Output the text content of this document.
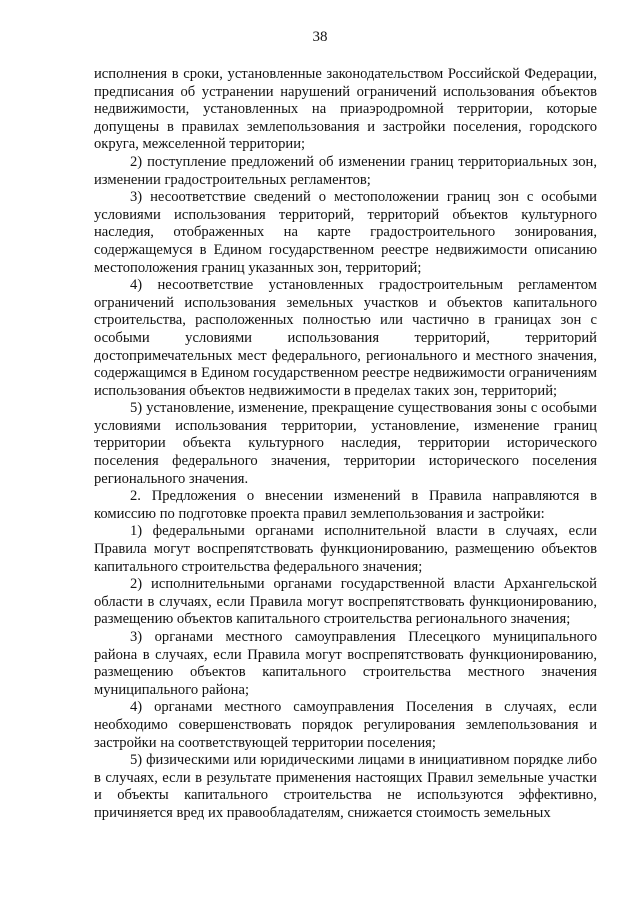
38

исполнения в сроки, установленные законодательством Российской Федерации, предписания об устранении нарушений ограничений использования объектов недвижимости, установленных на приаэродромной территории, которые допущены в правилах землепользования и застройки поселения, городского округа, межселенной территории;

2) поступление предложений об изменении границ территориальных зон, изменении градостроительных регламентов;

3) несоответствие сведений о местоположении границ зон с особыми условиями использования территорий, территорий объектов культурного наследия, отображенных на карте градостроительного зонирования, содержащемуся в Едином государственном реестре недвижимости описанию местоположения границ указанных зон, территорий;

4) несоответствие установленных градостроительным регламентом ограничений использования земельных участков и объектов капитального строительства, расположенных полностью или частично в границах зон с особыми условиями использования территорий, территорий достопримечательных мест федерального, регионального и местного значения, содержащимся в Едином государственном реестре недвижимости ограничениям использования объектов недвижимости в пределах таких зон, территорий;

5) установление, изменение, прекращение существования зоны с особыми условиями использования территории, установление, изменение границ территории объекта культурного наследия, территории исторического поселения федерального значения, территории исторического поселения регионального значения.

2. Предложения о внесении изменений в Правила направляются в комиссию по подготовке проекта правил землепользования и застройки:

1) федеральными органами исполнительной власти в случаях, если Правила могут воспрепятствовать функционированию, размещению объектов капитального строительства федерального значения;

2) исполнительными органами государственной власти Архангельской области в случаях, если Правила могут воспрепятствовать функционированию, размещению объектов капитального строительства регионального значения;

3) органами местного самоуправления Плесецкого муниципального района в случаях, если Правила могут воспрепятствовать функционированию, размещению объектов капитального строительства местного значения муниципального района;

4) органами местного самоуправления Поселения в случаях, если необходимо совершенствовать порядок регулирования землепользования и застройки на соответствующей территории поселения;

5) физическими или юридическими лицами в инициативном порядке либо в случаях, если в результате применения настоящих Правил земельные участки и объекты капитального строительства не используются эффективно, причиняется вред их правообладателям, снижается стоимость земельных
